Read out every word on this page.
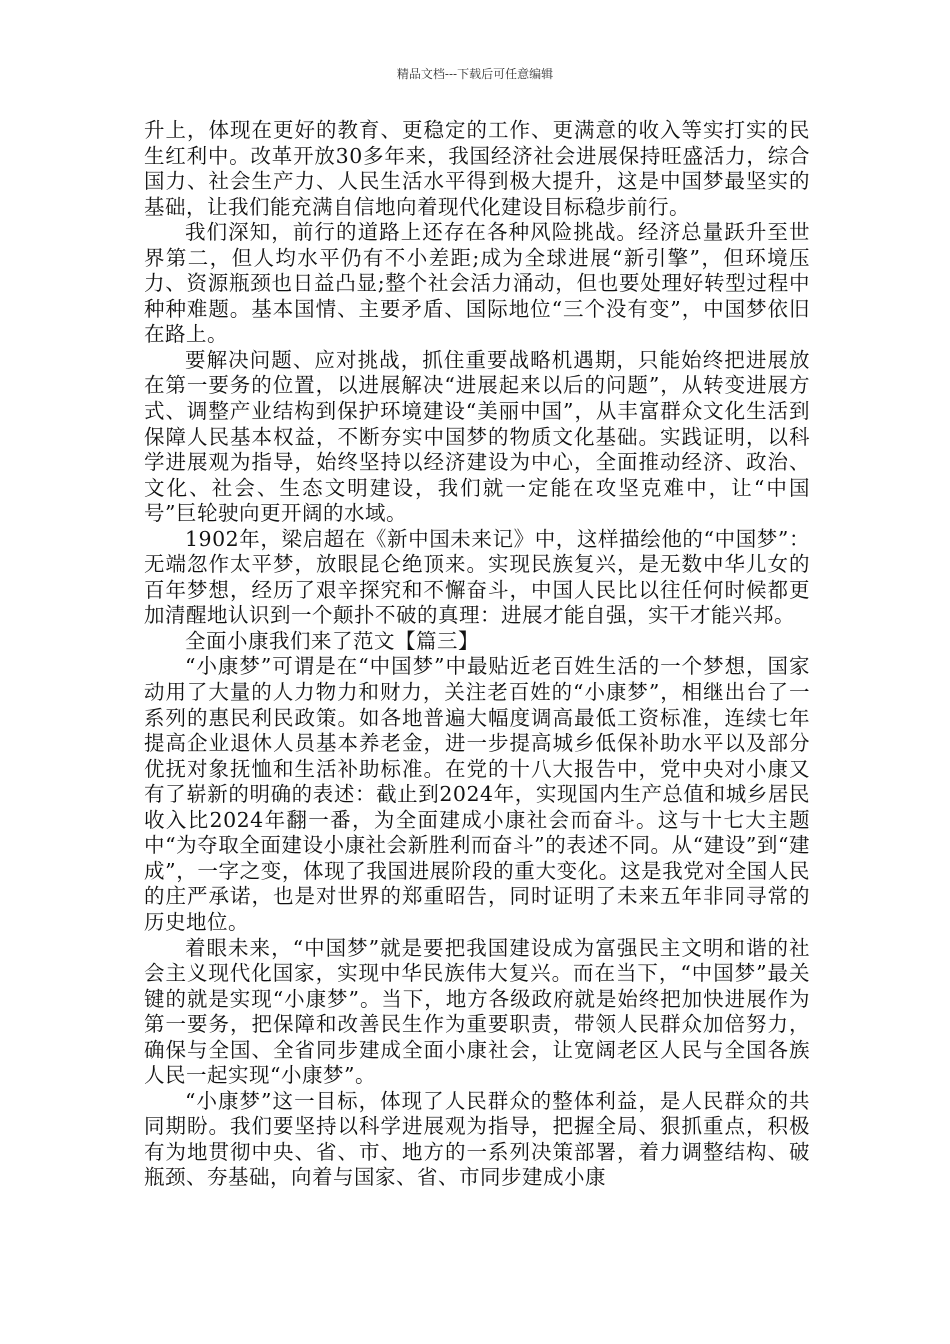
精品文档---下载后可任意编辑

升上，体现在更好的教育、更稳定的工作、更满意的收入等实打实的民生红利中。改革开放30多年来，我国经济社会进展保持旺盛活力，综合国力、社会生产力、人民生活水平得到极大提升，这是中国梦最坚实的基础，让我们能充满自信地向着现代化建设目标稳步前行。

我们深知，前行的道路上还存在各种风险挑战。经济总量跃升至世界第二，但人均水平仍有不小差距;成为全球进展“新引擎”，但环境压力、资源瓶颈也日益凸显;整个社会活力涌动，但也要处理好转型过程中种种难题。基本国情、主要矛盾、国际地位“三个没有变”，中国梦依旧在路上。

要解决问题、应对挑战，抓住重要战略机遇期，只能始终把进展放在第一要务的位置，以进展解决“进展起来以后的问题”，从转变进展方式、调整产业结构到保护环境建设“美丽中国”，从丰富群众文化生活到保障人民基本权益，不断夯实中国梦的物质文化基础。实践证明，以科学进展观为指导，始终坚持以经济建设为中心，全面推动经济、政治、文化、社会、生态文明建设，我们就一定能在攻坚克难中，让“中国号”巨轮驶向更开阔的水域。

1902年，梁启超在《新中国未来记》中，这样描绘他的“中国梦”：无端忽作太平梦，放眼昆仑绝顶来。实现民族复兴，是无数中华儿女的百年梦想，经历了艰辛探究和不懈奋斗，中国人民比以往任何时候都更加清醒地认识到一个颠扑不破的真理：进展才能自强，实干才能兴邦。

全面小康我们来了范文【篇三】

“小康梦”可谓是在“中国梦”中最贴近老百姓生活的一个梦想，国家动用了大量的人力物力和财力，关注老百姓的“小康梦”，相继出台了一系列的惠民利民政策。如各地普遍大幅度调高最低工资标准，连续七年提高企业退休人员基本养老金，进一步提高城乡低保补助水平以及部分优抚对象抚恤和生活补助标准。在党的十八大报告中，党中央对小康又有了崭新的明确的表述：截止到2024年，实现国内生产总值和城乡居民收入比2024年翻一番，为全面建成小康社会而奋斗。这与十七大主题中“为夺取全面建设小康社会新胜利而奋斗”的表述不同。从“建设”到“建成”，一字之变，体现了我国进展阶段的重大变化。这是我党对全国人民的庄严承诺，也是对世界的郑重昭告，同时证明了未来五年非同寻常的历史地位。

着眼未来，“中国梦”就是要把我国建设成为富强民主文明和谐的社会主义现代化国家，实现中华民族伟大复兴。而在当下，“中国梦”最关键的就是实现“小康梦”。当下，地方各级政府就是始终把加快进展作为第一要务，把保障和改善民生作为重要职责，带领人民群众加倍努力，确保与全国、全省同步建成全面小康社会，让宽阔老区人民与全国各族人民一起实现“小康梦”。

“小康梦”这一目标，体现了人民群众的整体利益，是人民群众的共同期盼。我们要坚持以科学进展观为指导，把握全局、狠抓重点，积极有为地贯彻中央、省、市、地方的一系列决策部署，着力调整结构、破瓶颈、夯基础，向着与国家、省、市同步建成小康
